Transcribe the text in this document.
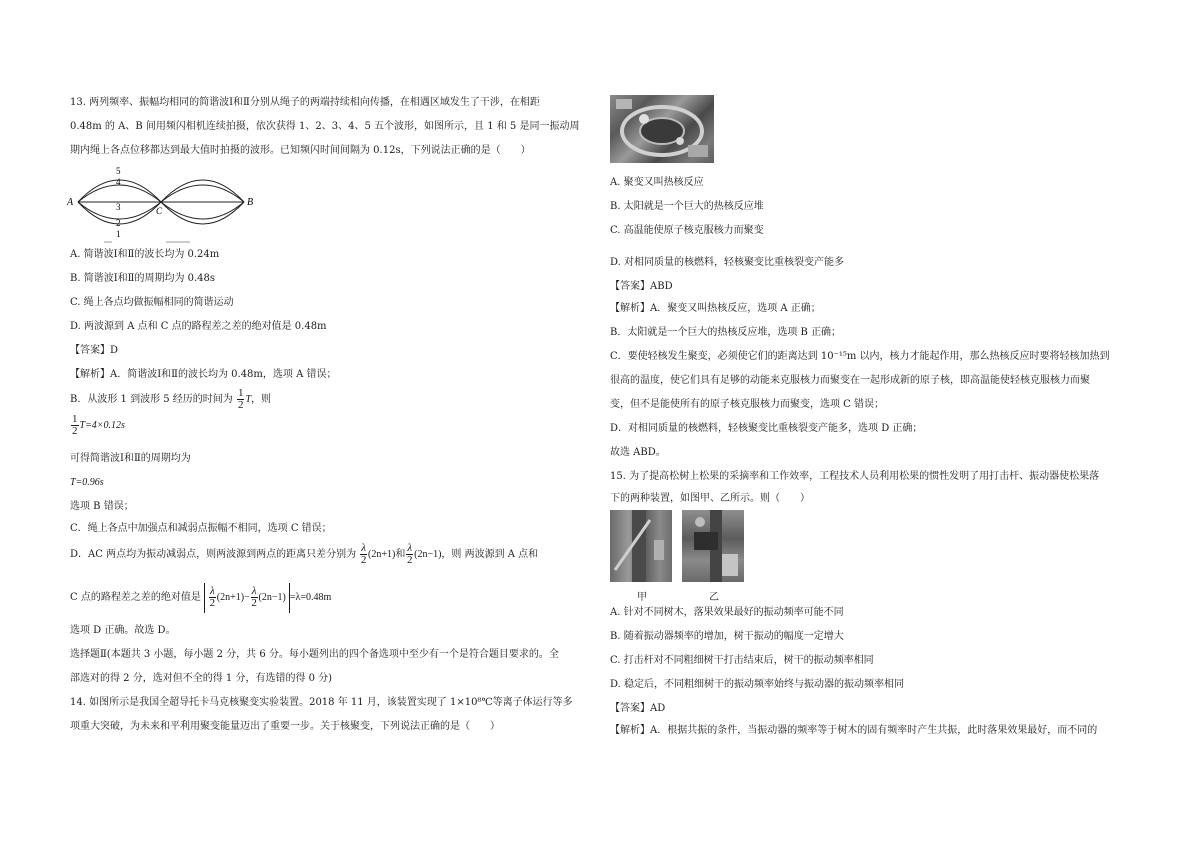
13. 两列频率、振幅均相同的简谐波Ⅰ和Ⅱ分别从绳子的两端持续相向传播，在相遇区域发生了干涉，在相距
0.48m 的 A、B 间用频闪相机连续拍摄，依次获得 1、2、3、4、5 五个波形，如图所示，且 1 和 5 是同一振动周
期内绳上各点位移都达到最大值时拍摄的波形。已知频闪时间间隔为 0.12s，下列说法正确的是（　　）
A	B
C
5
4
3
2
1
A. 简谐波Ⅰ和Ⅱ的波长均为 0.24m
B. 简谐波Ⅰ和Ⅱ的周期均为 0.48s
C. 绳上各点均做振幅相同的简谐运动
D. 两波源到 A 点和 C 点的路程差之差的绝对值是 0.48m
【答案】D
【解析】A．简谐波Ⅰ和Ⅱ的波长均为 0.48m，选项 A 错误；
B．从波形 1 到波形 5 经历的时间为 $\frac{1}{2}$ T，则
$\frac{1}{2} T=4\times 0.12s$
可得简谐波Ⅰ和Ⅱ的周期均为
T=0.96s
选项 B 错误；
C．绳上各点中加强点和减弱点振幅不相同，选项 C 错误；
D．AC 两点均为振动减弱点，则两波源到两点的距离只差分别为 $\frac{\lambda}{2} (2n+1)$和 $\frac{\lambda}{2} (2n-1)$，则 两波源到 A 点和
C 点的路程差之差的绝对值是 $\frac{\lambda}{2} (2n+1)- \frac{\lambda}{2} (2n-1) =\lambda=0.48m$
选项 D 正确。故选 D。
选择题Ⅱ(本题共 3 小题，每小题 2 分，共 6 分。每小题列出的四个备选项中至少有一个是符合题目要求的。全
部选对的得 2 分，选对但不全的得 1 分，有选错的得 0 分)
14. 如图所示是我国全超导托卡马克核聚变实验装置。2018 年 11 月，该装置实现了 1×10⁸℃等离子体运行等多
项重大突破，为未来和平利用聚变能量迈出了重要一步。关于核聚变，下列说法正确的是（　　）
A. 聚变又叫热核反应
B. 太阳就是一个巨大的热核反应堆
C. 高温能使原子核克服核力而聚变
D. 对相同质量的核燃料，轻核聚变比重核裂变产能多
【答案】ABD
【解析】A．聚变又叫热核反应，选项 A 正确；
B．太阳就是一个巨大的热核反应堆，选项 B 正确；
C．要使轻核发生聚变，必须使它们的距离达到 10⁻¹⁵m 以内，核力才能起作用，那么热核反应时要将轻核加热到
很高的温度，使它们具有足够的动能来克服核力而聚变在一起形成新的原子核，即高温能使轻核克服核力而聚
变，但不是能使所有的原子核克服核力而聚变，选项 C 错误；
D．对相同质量的核燃料，轻核聚变比重核裂变产能多，选项 D 正确；
故选 ABD。
15. 为了提高松树上松果的采摘率和工作效率，工程技术人员利用松果的惯性发明了用打击杆、振动器使松果落
下的两种装置，如图甲、乙所示。则（　　）
甲	乙
A. 针对不同树木，落果效果最好的振动频率可能不同
B. 随着振动器频率的增加，树干振动的幅度一定增大
C. 打击杆对不同粗细树干打击结束后，树干的振动频率相同
D. 稳定后，不同粗细树干的振动频率始终与振动器的振动频率相同
【答案】AD
【解析】A．根据共振的条件，当振动器的频率等于树木的固有频率时产生共振，此时落果效果最好，而不同的
